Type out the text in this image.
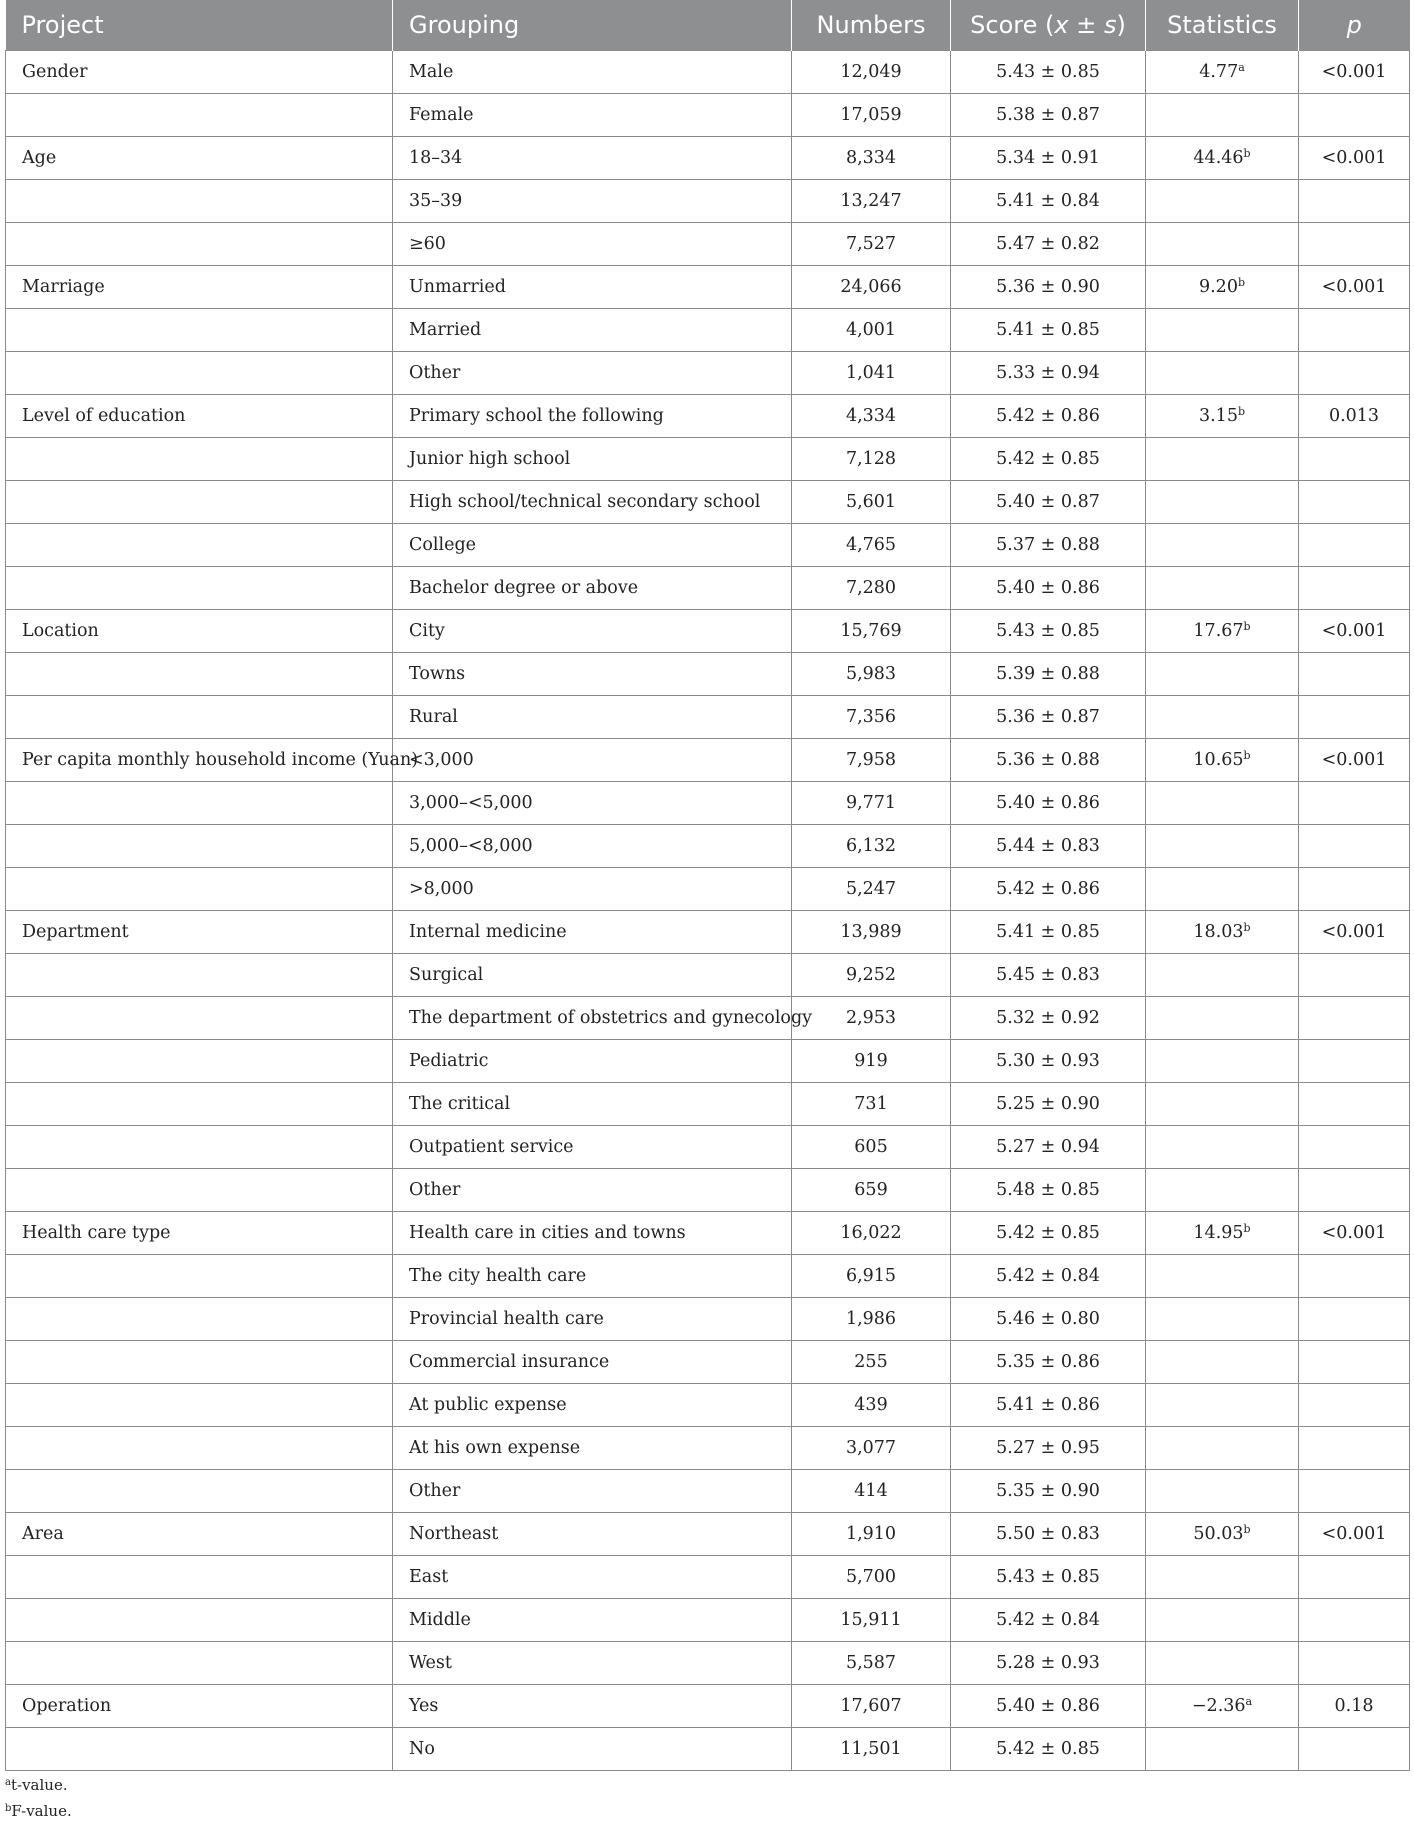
Project	Grouping	Numbers	Score (x ± s)	Statistics	p
Gender	Male	12,049	5.43 ± 0.85	4.77$^a$	<0.001
	Female	17,059	5.38 ± 0.87		
Age	18–34	8,334	5.34 ± 0.91	44.46$^b$	<0.001
	35–39	13,247	5.41 ± 0.84		
	≥60	7,527	5.47 ± 0.82		
Marriage	Unmarried	24,066	5.36 ± 0.90	9.20$^b$	<0.001
	Married	4,001	5.41 ± 0.85		
	Other	1,041	5.33 ± 0.94		
Level of education	Primary school the following	4,334	5.42 ± 0.86	3.15$^b$	0.013
	Junior high school	7,128	5.42 ± 0.85		
	High school/technical secondary school	5,601	5.40 ± 0.87		
	College	4,765	5.37 ± 0.88		
	Bachelor degree or above	7,280	5.40 ± 0.86		
Location	City	15,769	5.43 ± 0.85	17.67$^b$	<0.001
	Towns	5,983	5.39 ± 0.88		
	Rural	7,356	5.36 ± 0.87		
Per capita monthly household income (Yuan)	<3,000	7,958	5.36 ± 0.88	10.65$^b$	<0.001
	3,000–<5,000	9,771	5.40 ± 0.86		
	5,000–<8,000	6,132	5.44 ± 0.83		
	>8,000	5,247	5.42 ± 0.86		
Department	Internal medicine	13,989	5.41 ± 0.85	18.03$^b$	<0.001
	Surgical	9,252	5.45 ± 0.83		
	The department of obstetrics and gynecology	2,953	5.32 ± 0.92		
	Pediatric	919	5.30 ± 0.93		
	The critical	731	5.25 ± 0.90		
	Outpatient service	605	5.27 ± 0.94		
	Other	659	5.48 ± 0.85		
Health care type	Health care in cities and towns	16,022	5.42 ± 0.85	14.95$^b$	<0.001
	The city health care	6,915	5.42 ± 0.84		
	Provincial health care	1,986	5.46 ± 0.80		
	Commercial insurance	255	5.35 ± 0.86		
	At public expense	439	5.41 ± 0.86		
	At his own expense	3,077	5.27 ± 0.95		
	Other	414	5.35 ± 0.90		
Area	Northeast	1,910	5.50 ± 0.83	50.03$^b$	<0.001
	East	5,700	5.43 ± 0.85		
	Middle	15,911	5.42 ± 0.84		
	West	5,587	5.28 ± 0.93		
Operation	Yes	17,607	5.40 ± 0.86	−2.36$^a$	0.18
	No	11,501	5.42 ± 0.85		
$^a$t-value.
$^b$F-value.
